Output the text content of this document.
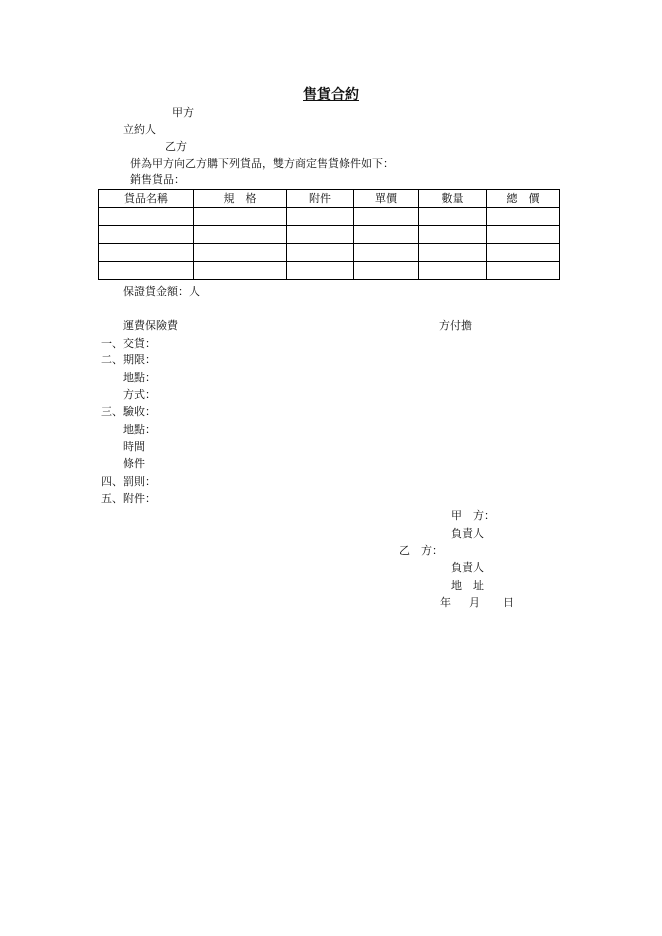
售貨合約
甲方
立約人
乙方
併為甲方向乙方購下列貨品，雙方商定售貨條件如下：
銷售貨品：
貨品名稱	規　格	附件	單價	數量	總　價

保證貨金額：人
運費保險費	方付擔
一、交貨：
二、期限：
地點：
方式：
三、驗收：
地點：
時間
條件
四、罰則：
五、附件：
甲　方：
負責人
乙　方：
負責人
地　址
年 月 日
